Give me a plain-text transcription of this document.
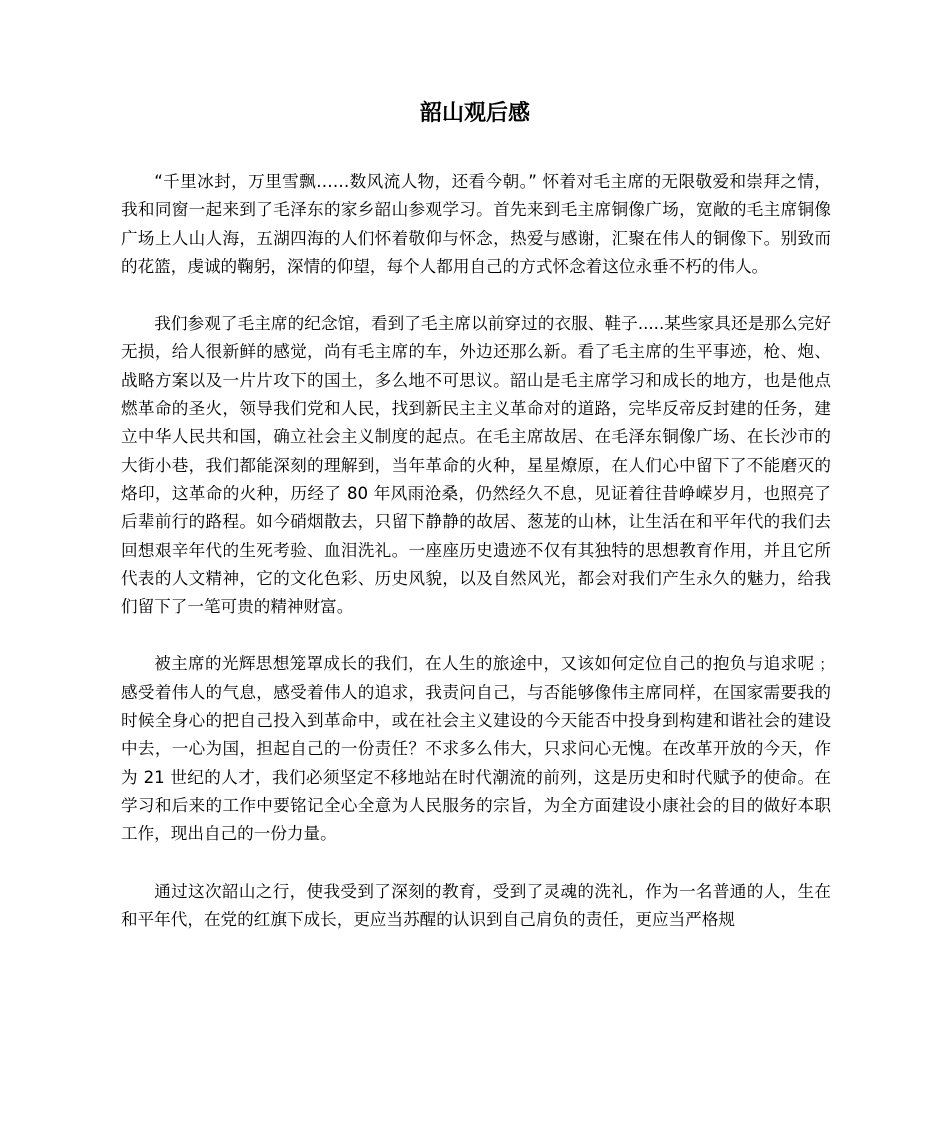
韶山观后感

“千里冰封，万里雪飘……数风流人物，还看今朝。” 怀着对毛主席的无限敬爱和崇拜之情，我和同窗一起来到了毛泽东的家乡韶山参观学习。首先来到毛主席铜像广场，宽敞的毛主席铜像广场上人山人海，五湖四海的人们怀着敬仰与怀念，热爱与感谢，汇聚在伟人的铜像下。别致而的花篮，虔诚的鞠躬，深情的仰望，每个人都用自己的方式怀念着这位永垂不朽的伟人。

我们参观了毛主席的纪念馆，看到了毛主席以前穿过的衣服、鞋子.....某些家具还是那么完好无损，给人很新鲜的感觉，尚有毛主席的车，外边还那么新。看了毛主席的生平事迹，枪、炮、战略方案以及一片片攻下的国土，多么地不可思议。韶山是毛主席学习和成长的地方，也是他点燃革命的圣火，领导我们党和人民，找到新民主主义革命对的道路，完毕反帝反封建的任务，建立中华人民共和国，确立社会主义制度的起点。在毛主席故居、在毛泽东铜像广场、在长沙市的大街小巷，我们都能深刻的理解到，当年革命的火种，星星燎原，在人们心中留下了不能磨灭的烙印，这革命的火种，历经了 80 年风雨沧桑，仍然经久不息，见证着往昔峥嵘岁月，也照亮了后辈前行的路程。如今硝烟散去，只留下静静的故居、葱茏的山林，让生活在和平年代的我们去回想艰辛年代的生死考验、血泪洗礼。一座座历史遗迹不仅有其独特的思想教育作用，并且它所代表的人文精神，它的文化色彩、历史风貌，以及自然风光，都会对我们产生永久的魅力，给我们留下了一笔可贵的精神财富。

被主席的光辉思想笼罩成长的我们，在人生的旅途中，又该如何定位自己的抱负与追求呢﹔感受着伟人的气息，感受着伟人的追求，我责问自己，与否能够像伟主席同样，在国家需要我的时候全身心的把自己投入到革命中，或在社会主义建设的今天能否中投身到构建和谐社会的建设中去，一心为国，担起自己的一份责任？不求多么伟大，只求问心无愧。在改革开放的今天，作为 21 世纪的人才，我们必须坚定不移地站在时代潮流的前列，这是历史和时代赋予的使命。在学习和后来的工作中要铭记全心全意为人民服务的宗旨，为全方面建设小康社会的目的做好本职工作，现出自己的一份力量。

通过这次韶山之行，使我受到了深刻的教育，受到了灵魂的洗礼，作为一名普通的人，生在和平年代，在党的红旗下成长，更应当苏醒的认识到自己肩负的责任，更应当严格规
